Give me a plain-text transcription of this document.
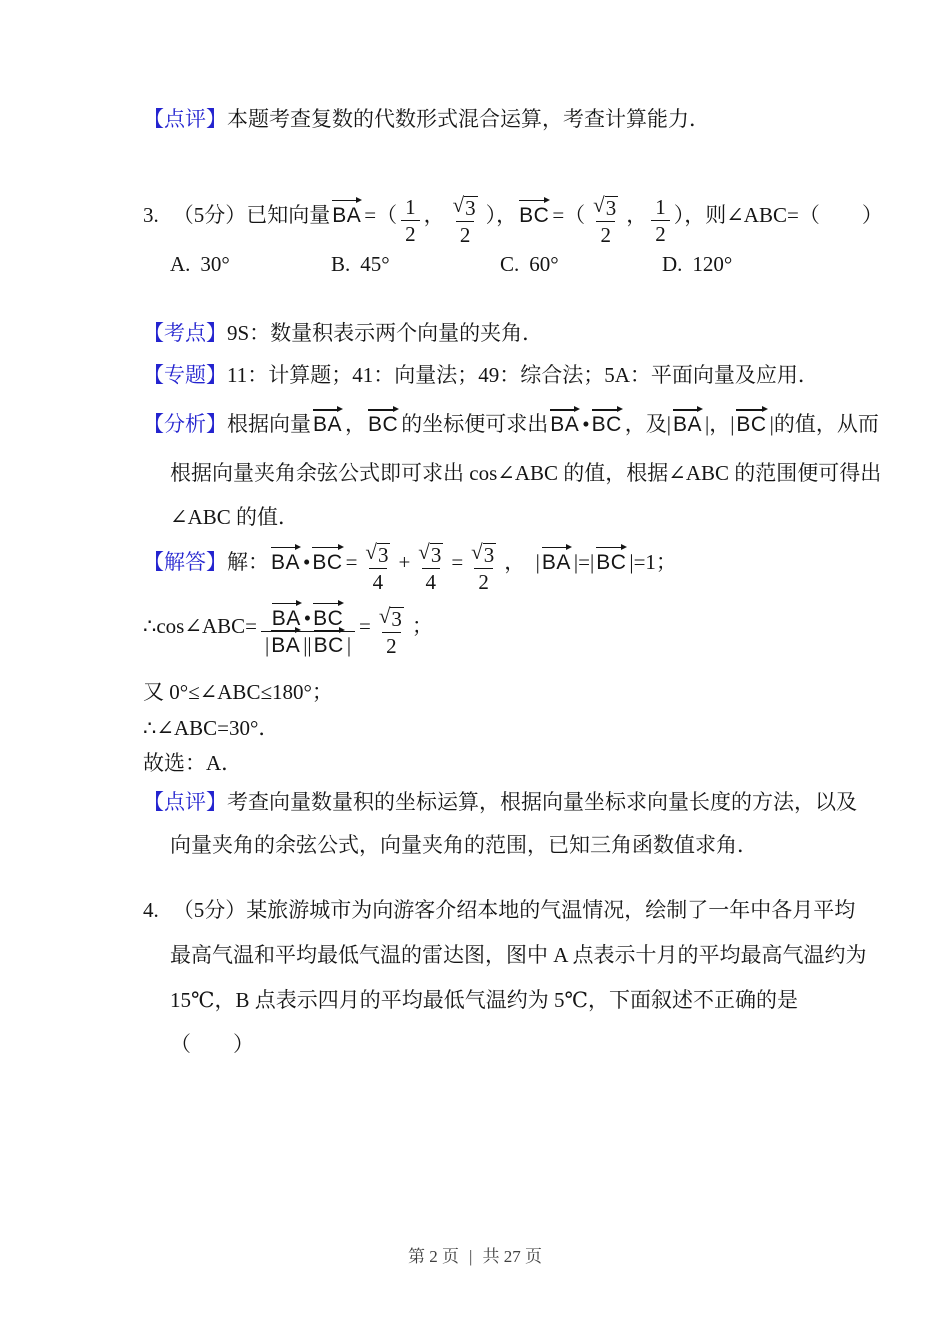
【点评】本题考查复数的代数形式混合运算，考查计算能力．
3. （5分）已知向量BA =（ $\frac{1}{2}$ ， $\frac{√ 3}{2}$ ），BC =（ $\frac{√ 3}{2}$ ， $\frac{1}{2}$ ），则∠ABC=（　　）
A. 30°	B. 45°	C. 60°	D. 120°
【考点】9S：数量积表示两个向量的夹角．
【专题】11：计算题；41：向量法；49：综合法；5A：平面向量及应用．
【分析】根据向量BA ，BC 的坐标便可求出BA •BC ，及|BA |，|BC |的值，从而
根据向量夹角余弦公式即可求出 cos∠ABC 的值，根据∠ABC 的范围便可得出
∠ABC 的值．
【解答】解：BA •BC = $\frac{√ 3}{4} + \frac{√ 3}{4} = \frac{√ 3}{2}$ ，　|BA |=|BC |=1；
∴cos∠ABC= $\frac{BA •BC}{|BA ||BC |} = \frac{√ 3}{2}$ ；
又 0°≤∠ABC≤180°；
∴∠ABC=30°．
故选：A．
【点评】考查向量数量积的坐标运算，根据向量坐标求向量长度的方法，以及
向量夹角的余弦公式，向量夹角的范围，已知三角函数值求角．
4. （5分）某旅游城市为向游客介绍本地的气温情况，绘制了一年中各月平均
最高气温和平均最低气温的雷达图，图中 A 点表示十月的平均最高气温约为
15℃，B 点表示四月的平均最低气温约为 5℃，下面叙述不正确的是
（　　）
第 2 页 | 共 27 页
